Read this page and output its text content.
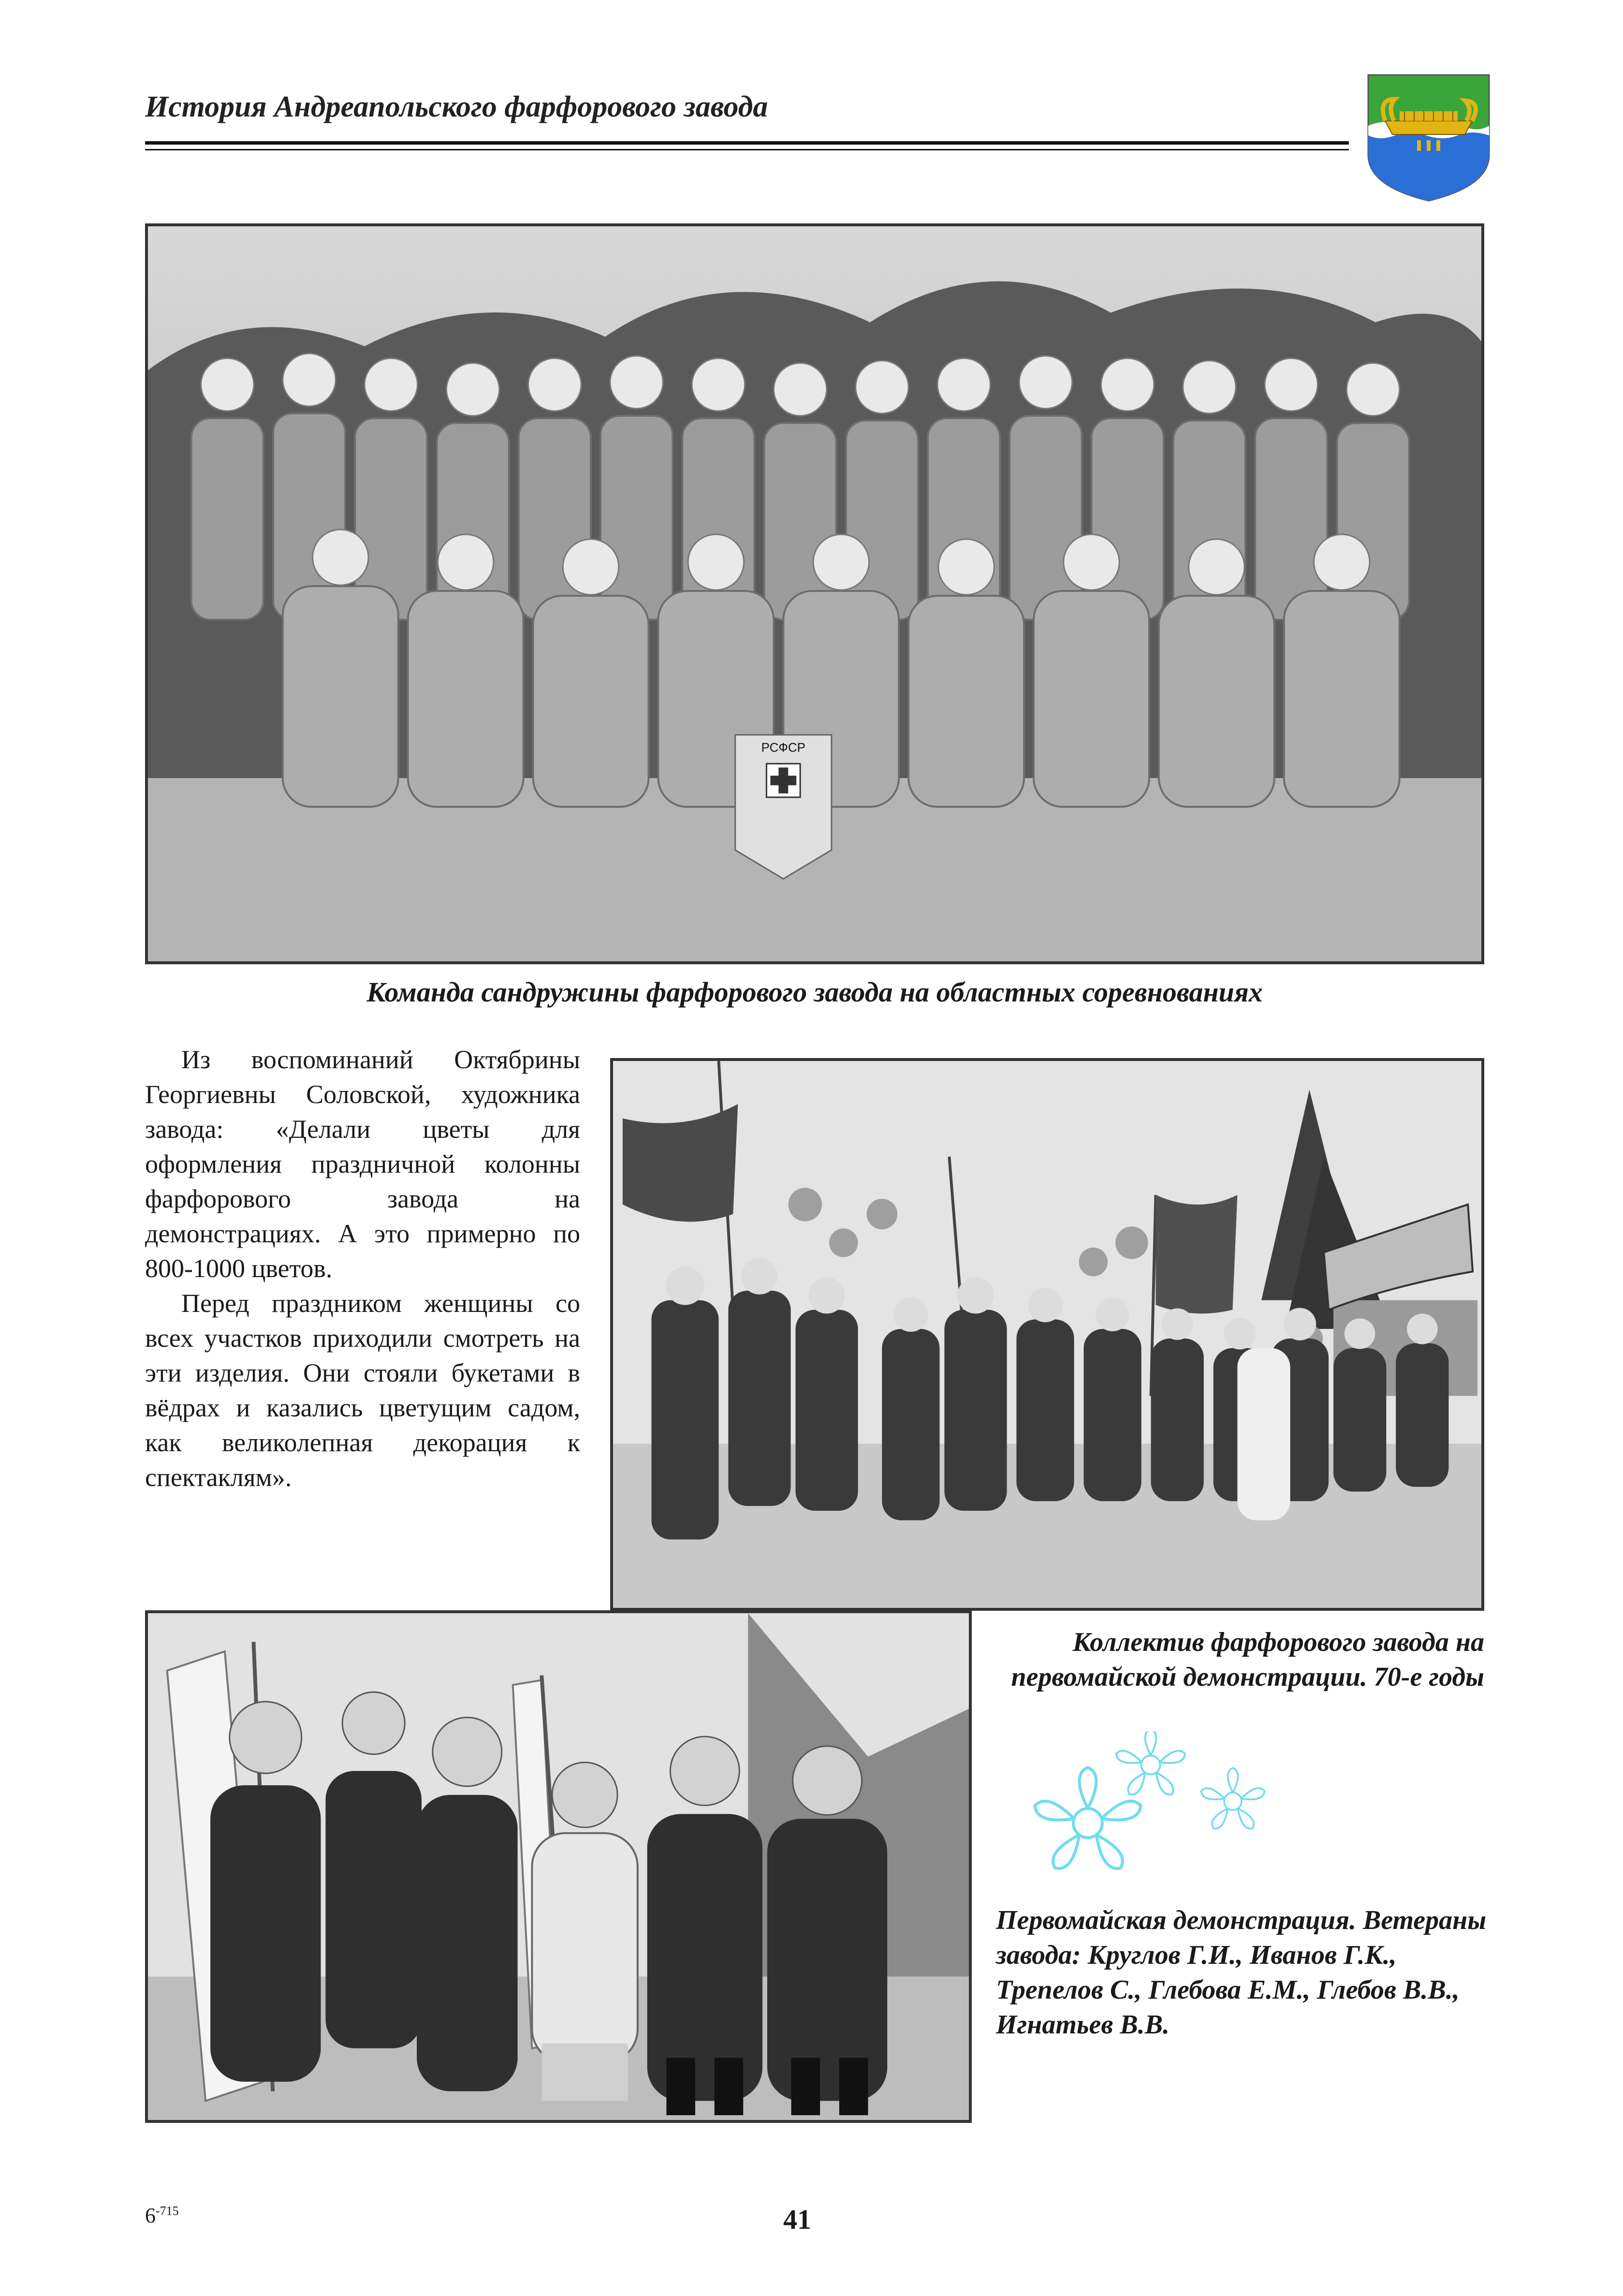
История Андреапольского фарфорового завода
РСФСР
Команда сандружины фарфорового завода на областных соревнованиях

Из воспоминаний Октябрины Георгиевны Соловской, художника завода: «Делали цветы для оформления праздничной колонны фарфорового завода на демонстрациях. А это примерно по 800-1000 цветов.

Перед праздником женщины со всех участков приходили смотреть на эти изделия. Они стояли букетами в вёдрах и казались цветущим садом, как великолепная декорация к спектаклям».

Коллектив фарфорового завода на первомайской демонстрации. 70-е годы
Первомайская демонстрация. Ветераны завода: Круглов Г.И., Иванов Г.К., Трепелов С., Глебова Е.М., Глебов В.В., Игнатьев В.В.
$6^{-715}$	41
